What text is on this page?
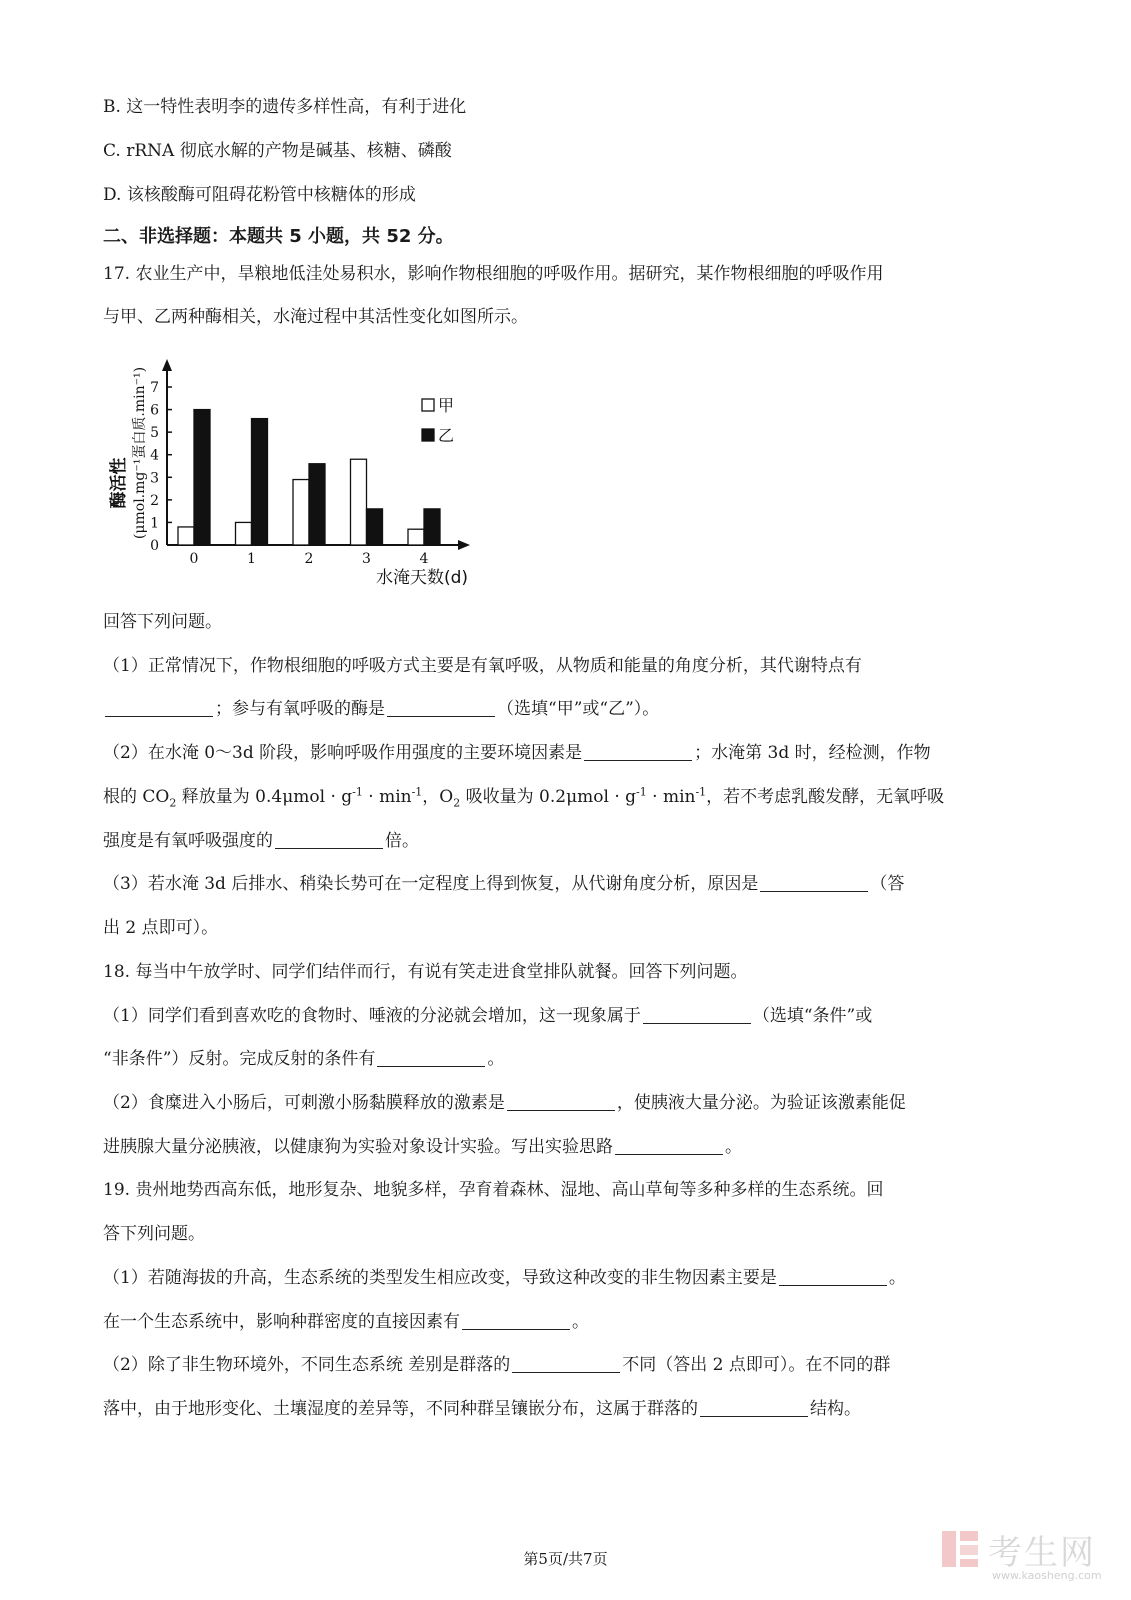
B. 这一特性表明李的遗传多样性高，有利于进化
C. rRNA 彻底水解的产物是碱基、核糖、磷酸
D. 该核酸酶可阻碍花粉管中核糖体的形成
二、非选择题：本题共 5 小题，共 52 分。
17. 农业生产中，旱粮地低洼处易积水，影响作物根细胞的呼吸作用。据研究，某作物根细胞的呼吸作用
与甲、乙两种酶相关，水淹过程中其活性变化如图所示。
0
1
2
3
4
5
6
7
0	1	2	3	4
水淹天数(d)
酶活性 (μmol.mg⁻¹蛋白质.min⁻¹)	甲
乙
回答下列问题。
（1）正常情况下，作物根细胞的呼吸方式主要是有氧呼吸，从物质和能量的角度分析，其代谢特点有
；参与有氧呼吸的酶是	（选填“甲”或“乙”）。
（2）在水淹 0～3d 阶段，影响呼吸作用强度的主要环境因素是	；水淹第 3d 时，经检测，作物
根的 $CO_2$ 释放量为 $0.4\mu mol \cdot g^{-1} \cdot \min^{-1}$，$O_2$ 吸收量为 $0.2\mu mol \cdot g^{-1} \cdot \min^{-1}$，若不考虑乳酸发酵，无氧呼吸
强度是有氧呼吸强度的	倍。
（3）若水淹 3d 后排水、稍染长势可在一定程度上得到恢复，从代谢角度分析，原因是	（答
出 2 点即可）。
18. 每当中午放学时、同学们结伴而行，有说有笑走进食堂排队就餐。回答下列问题。
（1）同学们看到喜欢吃的食物时、唾液的分泌就会增加，这一现象属于	（选填“条件”或
“非条件”）反射。完成反射的条件有	。
（2）食糜进入小肠后，可刺激小肠黏膜释放的激素是	，使胰液大量分泌。为验证该激素能促
进胰腺大量分泌胰液，以健康狗为实验对象设计实验。写出实验思路	。
19. 贵州地势西高东低，地形复杂、地貌多样，孕育着森林、湿地、高山草甸等多种多样的生态系统。回
答下列问题。
（1）若随海拔的升高，生态系统的类型发生相应改变，导致这种改变的非生物因素主要是	。
在一个生态系统中，影响种群密度的直接因素有	。
（2）除了非生物环境外，不同生态系统 差别是群落的	不同（答出 2 点即可）。在不同的群
落中，由于地形变化、土壤湿度的差异等，不同种群呈镶嵌分布，这属于群落的	结构。
第5页/共7页	考生网
www.kaosheng.com
